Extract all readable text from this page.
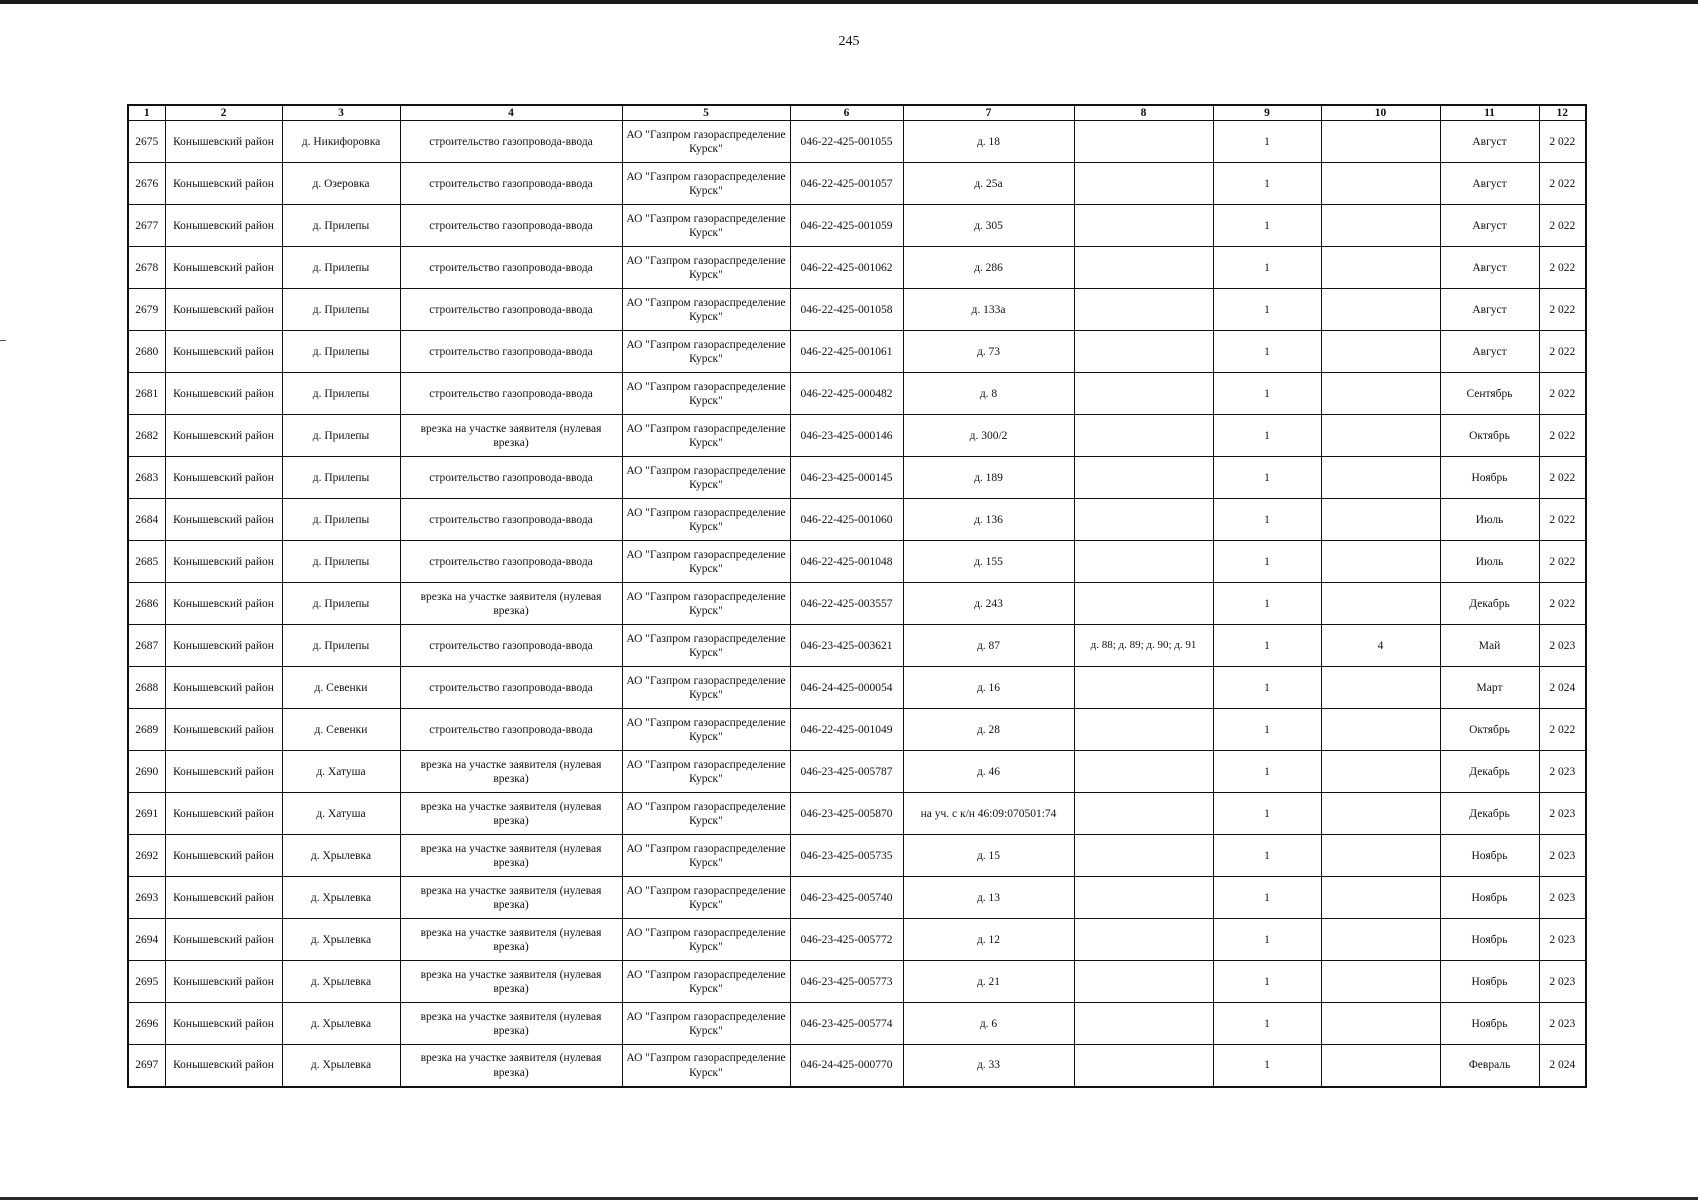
245
1	2	3	4	5	6	7	8	9	10	11	12
2675	Конышевский район	д. Никифоровка	строительство газопровода-ввода	АО "Газпром газораспределение Курск"	046-22-425-001055	д. 18		1		Август	2 022
2676	Конышевский район	д. Озеровка	строительство газопровода-ввода	АО "Газпром газораспределение Курск"	046-22-425-001057	д. 25а		1		Август	2 022
2677	Конышевский район	д. Прилепы	строительство газопровода-ввода	АО "Газпром газораспределение Курск"	046-22-425-001059	д. 305		1		Август	2 022
2678	Конышевский район	д. Прилепы	строительство газопровода-ввода	АО "Газпром газораспределение Курск"	046-22-425-001062	д. 286		1		Август	2 022
2679	Конышевский район	д. Прилепы	строительство газопровода-ввода	АО "Газпром газораспределение Курск"	046-22-425-001058	д. 133а		1		Август	2 022
2680	Конышевский район	д. Прилепы	строительство газопровода-ввода	АО "Газпром газораспределение Курск"	046-22-425-001061	д. 73		1		Август	2 022
2681	Конышевский район	д. Прилепы	строительство газопровода-ввода	АО "Газпром газораспределение Курск"	046-22-425-000482	д. 8		1		Сентябрь	2 022
2682	Конышевский район	д. Прилепы	врезка на участке заявителя (нулевая врезка)	АО "Газпром газораспределение Курск"	046-23-425-000146	д. 300/2		1		Октябрь	2 022
2683	Конышевский район	д. Прилепы	строительство газопровода-ввода	АО "Газпром газораспределение Курск"	046-23-425-000145	д. 189		1		Ноябрь	2 022
2684	Конышевский район	д. Прилепы	строительство газопровода-ввода	АО "Газпром газораспределение Курск"	046-22-425-001060	д. 136		1		Июль	2 022
2685	Конышевский район	д. Прилепы	строительство газопровода-ввода	АО "Газпром газораспределение Курск"	046-22-425-001048	д. 155		1		Июль	2 022
2686	Конышевский район	д. Прилепы	врезка на участке заявителя (нулевая врезка)	АО "Газпром газораспределение Курск"	046-22-425-003557	д. 243		1		Декабрь	2 022
2687	Конышевский район	д. Прилепы	строительство газопровода-ввода	АО "Газпром газораспределение Курск"	046-23-425-003621	д. 87	д. 88; д. 89; д. 90; д. 91	1	4	Май	2 023
2688	Конышевский район	д. Севенки	строительство газопровода-ввода	АО "Газпром газораспределение Курск"	046-24-425-000054	д. 16		1		Март	2 024
2689	Конышевский район	д. Севенки	строительство газопровода-ввода	АО "Газпром газораспределение Курск"	046-22-425-001049	д. 28		1		Октябрь	2 022
2690	Конышевский район	д. Хатуша	врезка на участке заявителя (нулевая врезка)	АО "Газпром газораспределение Курск"	046-23-425-005787	д. 46		1		Декабрь	2 023
2691	Конышевский район	д. Хатуша	врезка на участке заявителя (нулевая врезка)	АО "Газпром газораспределение Курск"	046-23-425-005870	на уч. с к/н 46:09:070501:74		1		Декабрь	2 023
2692	Конышевский район	д. Хрылевка	врезка на участке заявителя (нулевая врезка)	АО "Газпром газораспределение Курск"	046-23-425-005735	д. 15		1		Ноябрь	2 023
2693	Конышевский район	д. Хрылевка	врезка на участке заявителя (нулевая врезка)	АО "Газпром газораспределение Курск"	046-23-425-005740	д. 13		1		Ноябрь	2 023
2694	Конышевский район	д. Хрылевка	врезка на участке заявителя (нулевая врезка)	АО "Газпром газораспределение Курск"	046-23-425-005772	д. 12		1		Ноябрь	2 023
2695	Конышевский район	д. Хрылевка	врезка на участке заявителя (нулевая врезка)	АО "Газпром газораспределение Курск"	046-23-425-005773	д. 21		1		Ноябрь	2 023
2696	Конышевский район	д. Хрылевка	врезка на участке заявителя (нулевая врезка)	АО "Газпром газораспределение Курск"	046-23-425-005774	д. 6		1		Ноябрь	2 023
2697	Конышевский район	д. Хрылевка	врезка на участке заявителя (нулевая врезка)	АО "Газпром газораспределение Курск"	046-24-425-000770	д. 33		1		Февраль	2 024
